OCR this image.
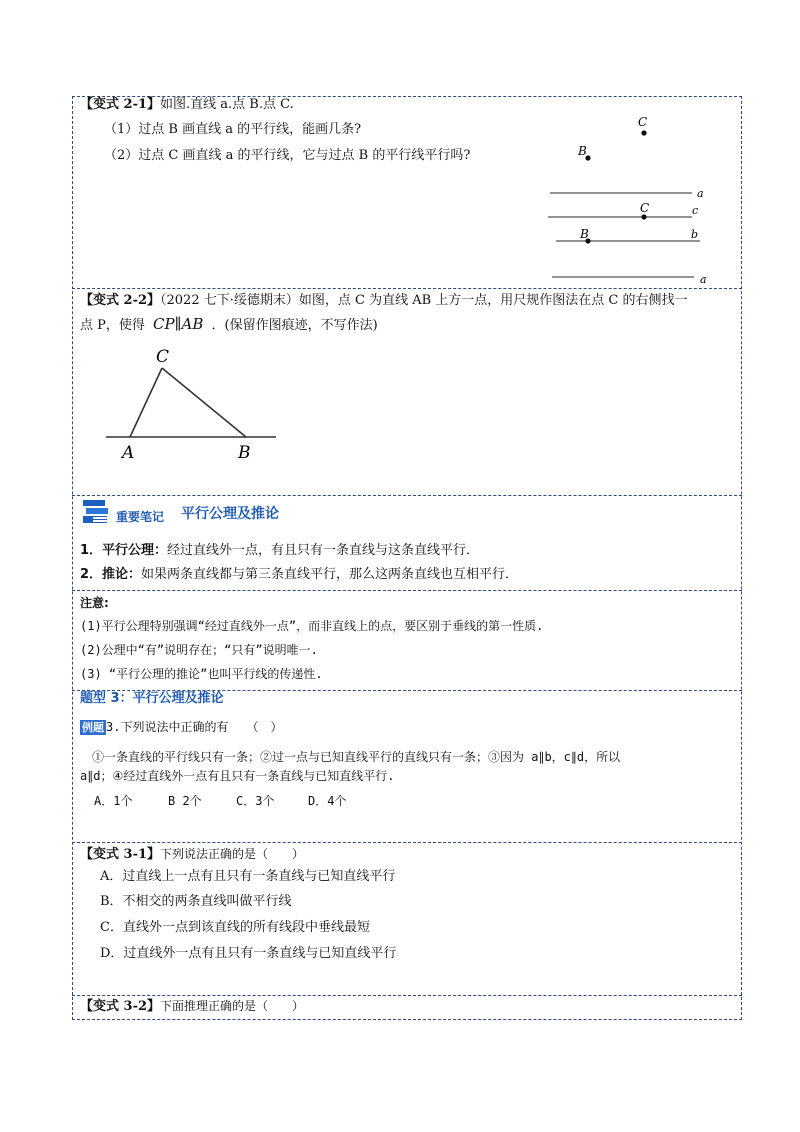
【变式 2-1】如图.直线 a.点 B.点 C.
（1）过点 B 画直线 a 的平行线，能画几条?
（2）过点 C 画直线 a 的平行线，它与过点 B 的平行线平行吗?
C
B
a
C	c
B	b
a
【变式 2-2】（2022 七下·绥德期末）如图，点 C 为直线 AB 上方一点，用尺规作图法在点 C 的右侧找一
点 P，使得 CP∥AB ．(保留作图痕迹，不写作法)
C
A	B
重要笔记 平行公理及推论
1．平行公理：经过直线外一点，有且只有一条直线与这条直线平行．
2．推论：如果两条直线都与第三条直线平行，那么这两条直线也互相平行．
注意:
(1)平行公理特别强调“经过直线外一点”，而非直线上的点，要区别于垂线的第一性质.
(2)公理中“有”说明存在；“只有”说明唯一.
(3) “平行公理的推论”也叫平行线的传递性.
题型 3：平行公理及推论
例题 3.下列说法中正确的有　　（　）
①一条直线的平行线只有一条；②过一点与已知直线平行的直线只有一条；③因为 a∥b，c∥d，所以
a∥d；④经过直线外一点有且只有一条直线与已知直线平行.
A．1个	B 2个	C．3个	D．4个
【变式 3-1】下列说法正确的是（　　）
A．过直线上一点有且只有一条直线与已知直线平行
B．不相交的两条直线叫做平行线
C．直线外一点到该直线的所有线段中垂线最短
D．过直线外一点有且只有一条直线与已知直线平行
【变式 3-2】下面推理正确的是（　　）
